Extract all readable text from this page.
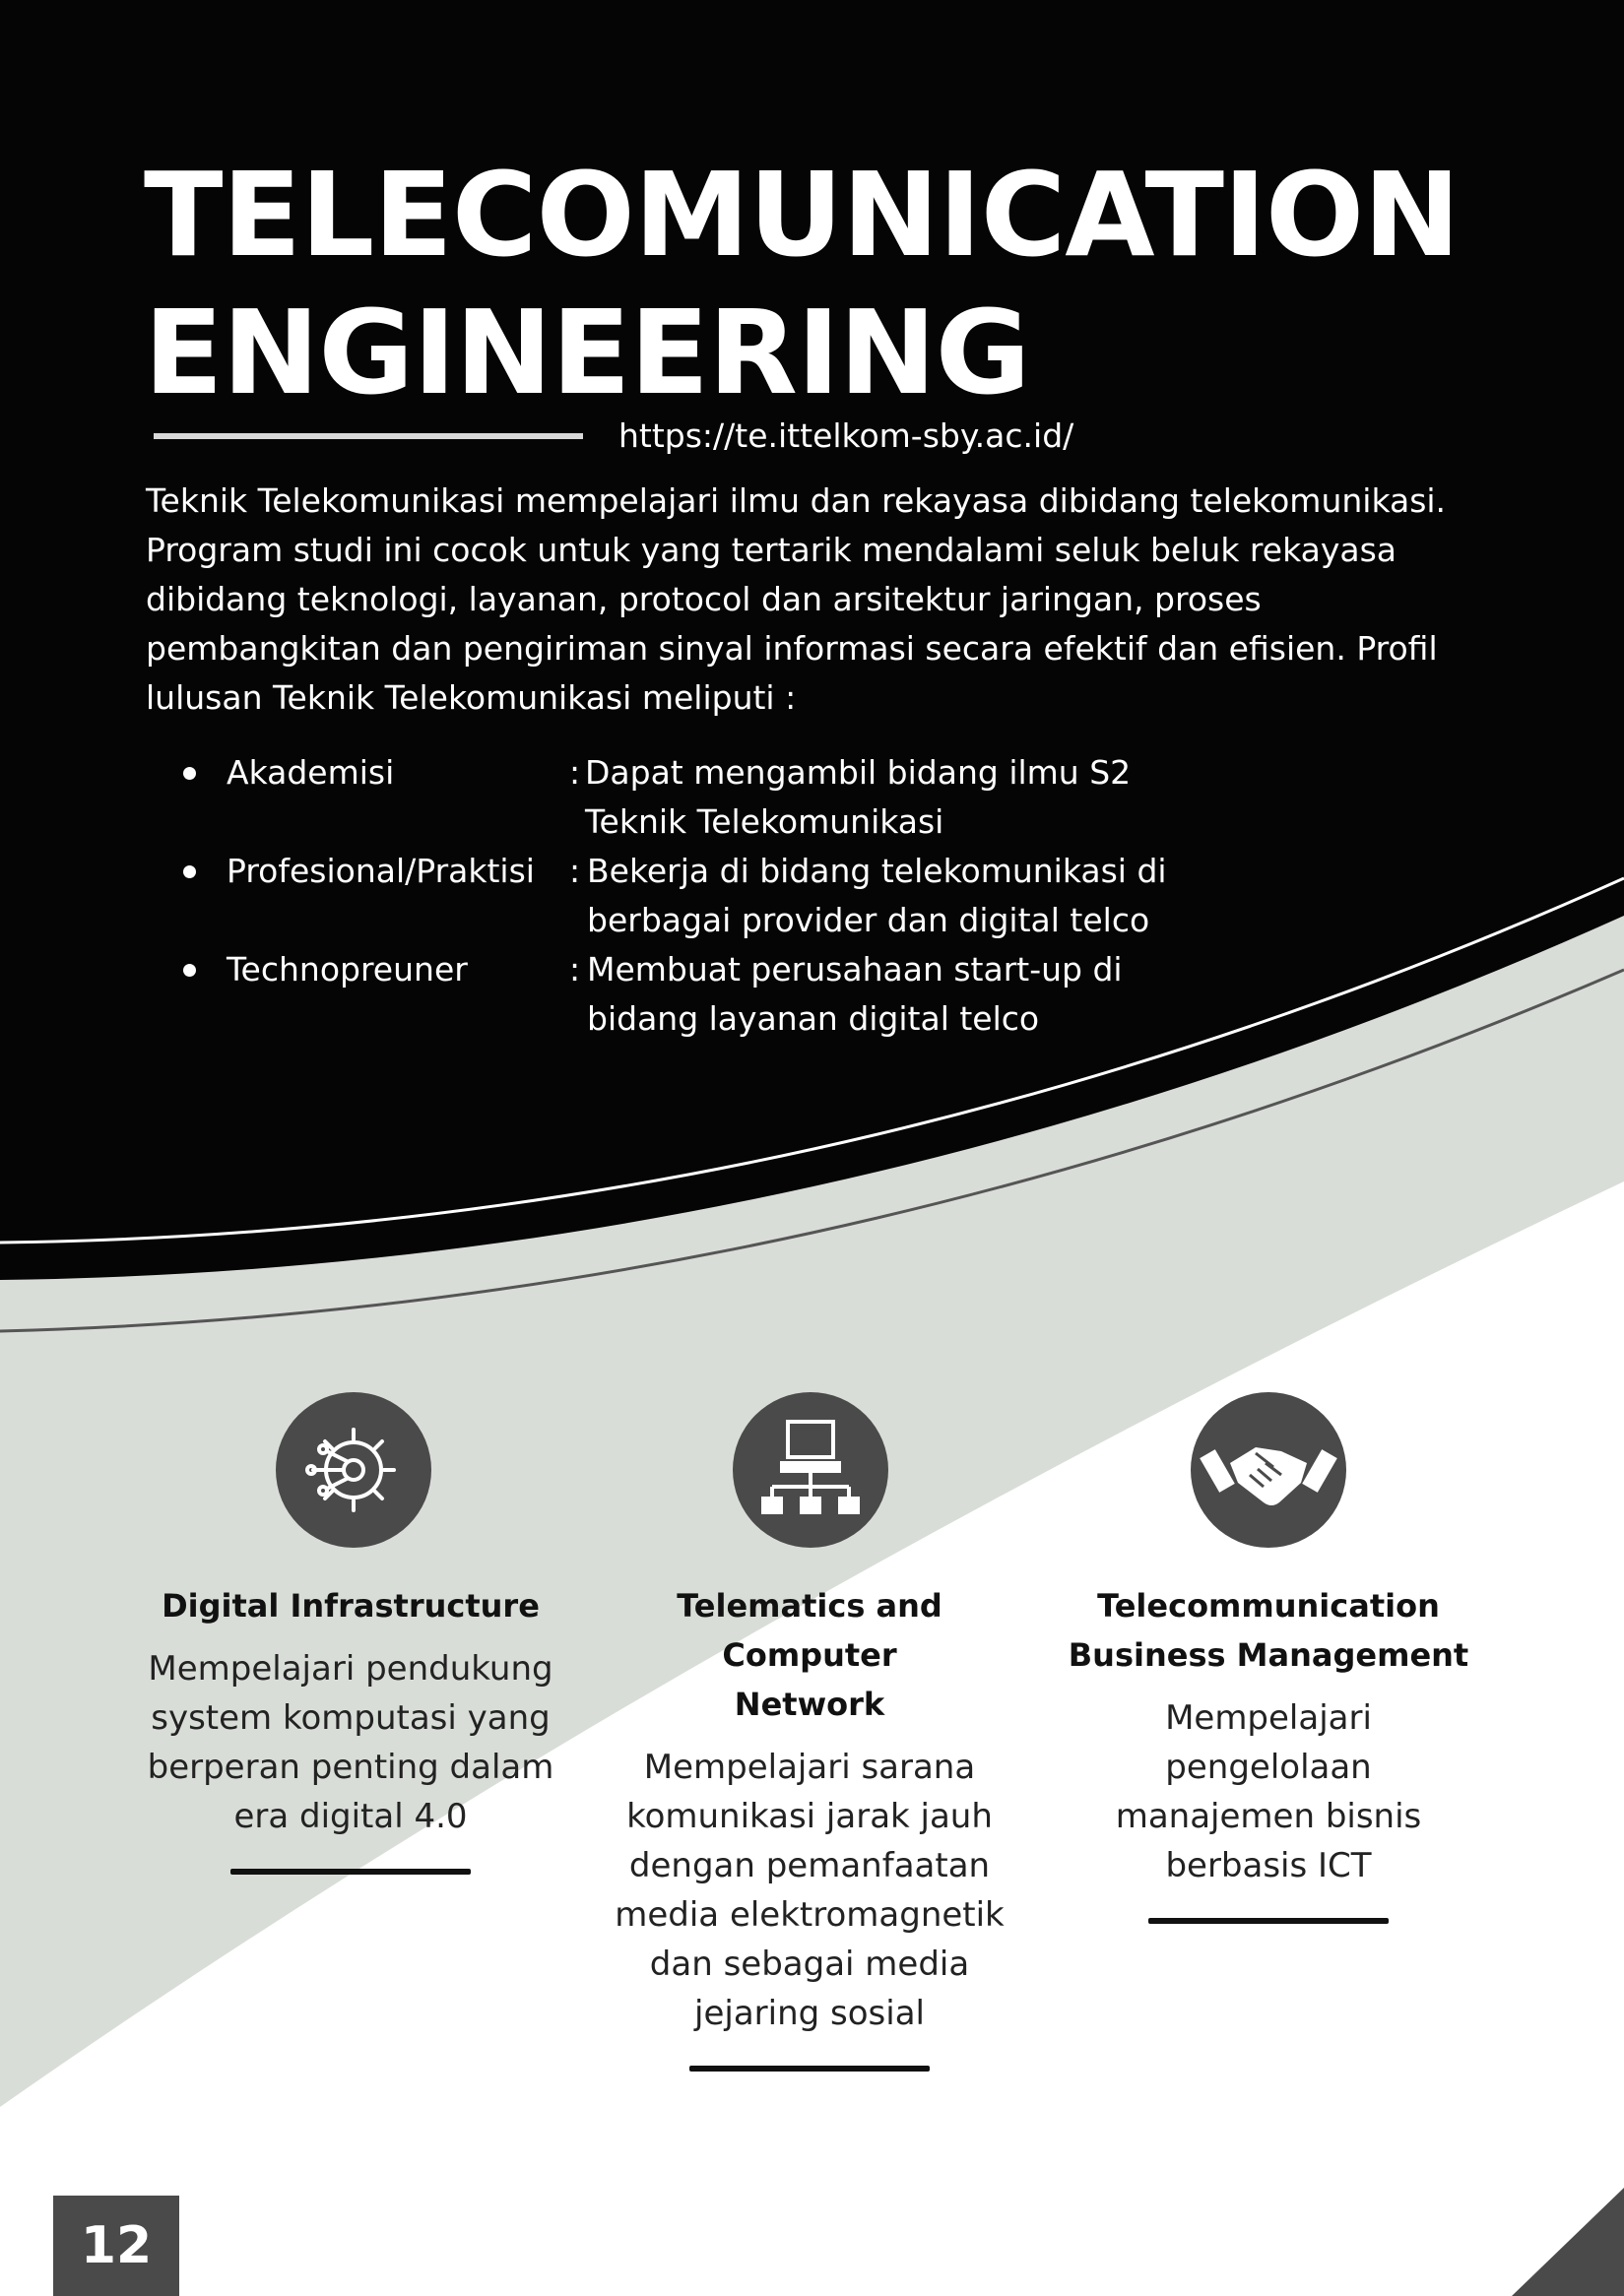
TELECOMUNICATION
ENGINEERING
https://te.ittelkom-sby.ac.id/

Teknik Telekomunikasi mempelajari ilmu dan rekayasa dibidang telekomunikasi. Program studi ini cocok untuk yang tertarik mendalami seluk beluk rekayasa dibidang teknologi, layanan, protocol dan arsitektur jaringan, proses pembangkitan dan pengiriman sinyal informasi secara efektif dan efisien. Profil lulusan Teknik Telekomunikasi meliputi :

Akademisi	: Dapat mengambil bidang ilmu S2 Teknik Telekomunikasi
Profesional/Praktisi : Bekerja di bidang telekomunikasi di berbagai provider dan digital telco
Technopreuner	: Membuat perusahaan start-up di bidang layanan digital telco
Digital Infrastructure

Mempelajari pendukung system komputasi yang berperan penting dalam era digital 4.0

Telematics and Computer Network

Mempelajari sarana komunikasi jarak jauh dengan pemanfaatan media elektromagnetik dan sebagai media jejaring sosial

Telecommunication Business Management

Mempelajari pengelolaan manajemen bisnis berbasis ICT

12
